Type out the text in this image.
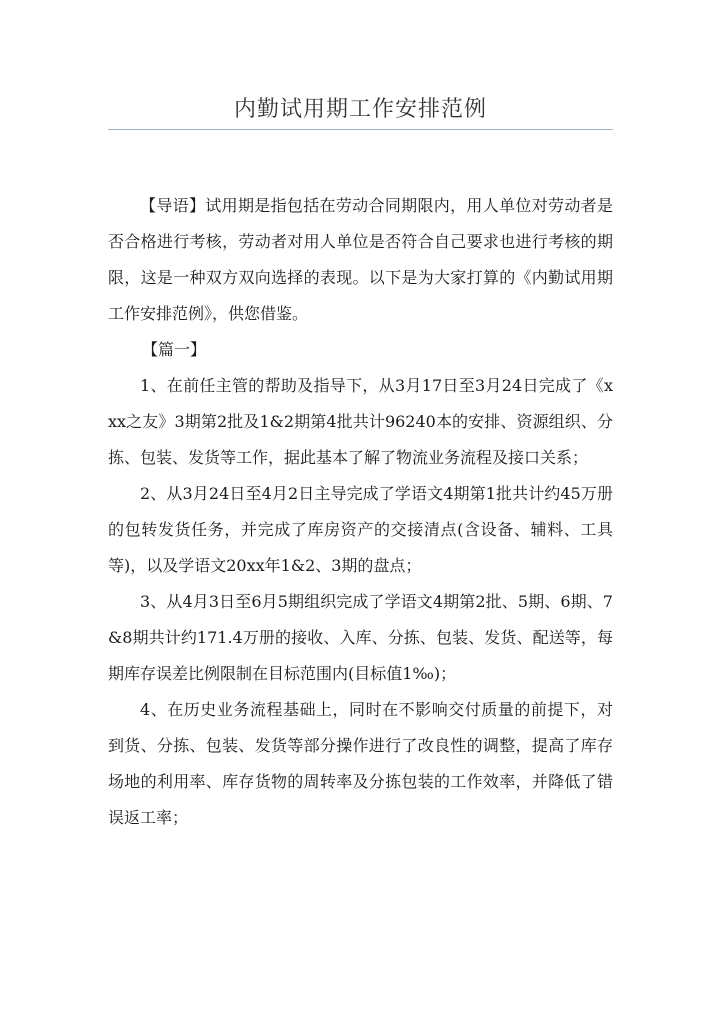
内勤试用期工作安排范例

【导语】试用期是指包括在劳动合同期限内，用人单位对劳动者是否合格进行考核，劳动者对用人单位是否符合自己要求也进行考核的期限，这是一种双方双向选择的表现。以下是为大家打算的《内勤试用期工作安排范例》，供您借鉴。

【篇一】

1、在前任主管的帮助及指导下，从3月17日至3月24日完成了《xxx之友》3期第2批及1&2期第4批共计96240本的安排、资源组织、分拣、包装、发货等工作，据此基本了解了物流业务流程及接口关系；

2、从3月24日至4月2日主导完成了学语文4期第1批共计约45万册的包转发货任务，并完成了库房资产的交接清点(含设备、辅料、工具等)，以及学语文20xx年1&2、3期的盘点；

3、从4月3日至6月5期组织完成了学语文4期第2批、5期、6期、7&8期共计约171.4万册的接收、入库、分拣、包装、发货、配送等，每期库存误差比例限制在目标范围内(目标值1‰)；

4、在历史业务流程基础上，同时在不影响交付质量的前提下，对到货、分拣、包装、发货等部分操作进行了改良性的调整，提高了库存场地的利用率、库存货物的周转率及分拣包装的工作效率，并降低了错误返工率；
